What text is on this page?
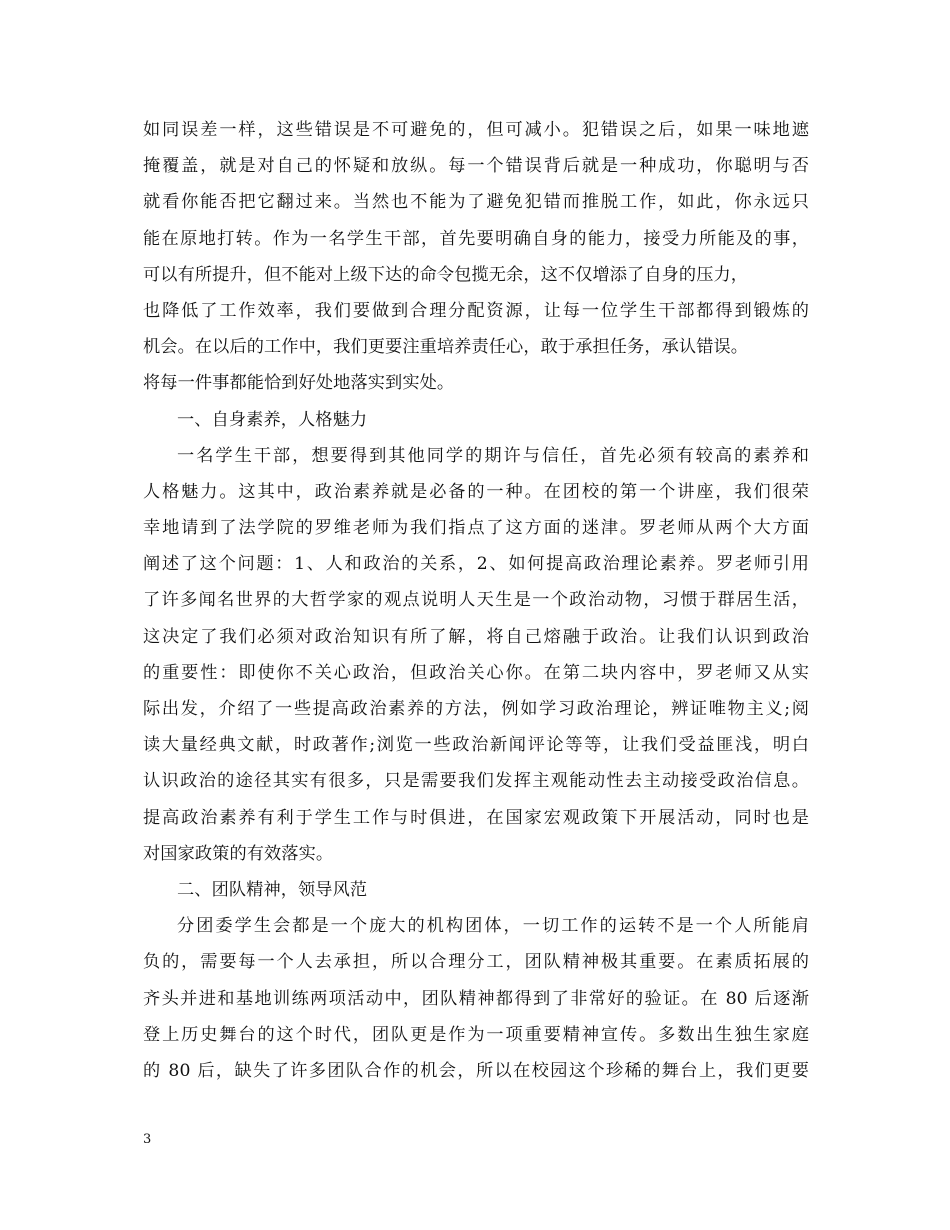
如同误差一样，这些错误是不可避免的，但可减小。犯错误之后，如果一味地遮
掩覆盖，就是对自己的怀疑和放纵。每一个错误背后就是一种成功，你聪明与否
就看你能否把它翻过来。当然也不能为了避免犯错而推脱工作，如此，你永远只
能在原地打转。作为一名学生干部，首先要明确自身的能力，接受力所能及的事，
可以有所提升，但不能对上级下达的命令包揽无余，这不仅增添了自身的压力，
也降低了工作效率，我们要做到合理分配资源，让每一位学生干部都得到锻炼的
机会。在以后的工作中，我们更要注重培养责任心，敢于承担任务，承认错误。
将每一件事都能恰到好处地落实到实处。
一、自身素养，人格魅力
一名学生干部，想要得到其他同学的期许与信任，首先必须有较高的素养和
人格魅力。这其中，政治素养就是必备的一种。在团校的第一个讲座，我们很荣
幸地请到了法学院的罗维老师为我们指点了这方面的迷津。罗老师从两个大方面
阐述了这个问题：1、人和政治的关系，2、如何提高政治理论素养。罗老师引用
了许多闻名世界的大哲学家的观点说明人天生是一个政治动物，习惯于群居生活，
这决定了我们必须对政治知识有所了解，将自己熔融于政治。让我们认识到政治
的重要性：即使你不关心政治，但政治关心你。在第二块内容中，罗老师又从实
际出发，介绍了一些提高政治素养的方法，例如学习政治理论，辨证唯物主义;阅
读大量经典文献，时政著作;浏览一些政治新闻评论等等，让我们受益匪浅，明白
认识政治的途径其实有很多，只是需要我们发挥主观能动性去主动接受政治信息。
提高政治素养有利于学生工作与时俱进，在国家宏观政策下开展活动，同时也是
对国家政策的有效落实。
二、团队精神，领导风范
分团委学生会都是一个庞大的机构团体，一切工作的运转不是一个人所能肩
负的，需要每一个人去承担，所以合理分工，团队精神极其重要。在素质拓展的
齐头并进和基地训练两项活动中，团队精神都得到了非常好的验证。在 80 后逐渐
登上历史舞台的这个时代，团队更是作为一项重要精神宣传。多数出生独生家庭
的 80 后，缺失了许多团队合作的机会，所以在校园这个珍稀的舞台上，我们更要
3
